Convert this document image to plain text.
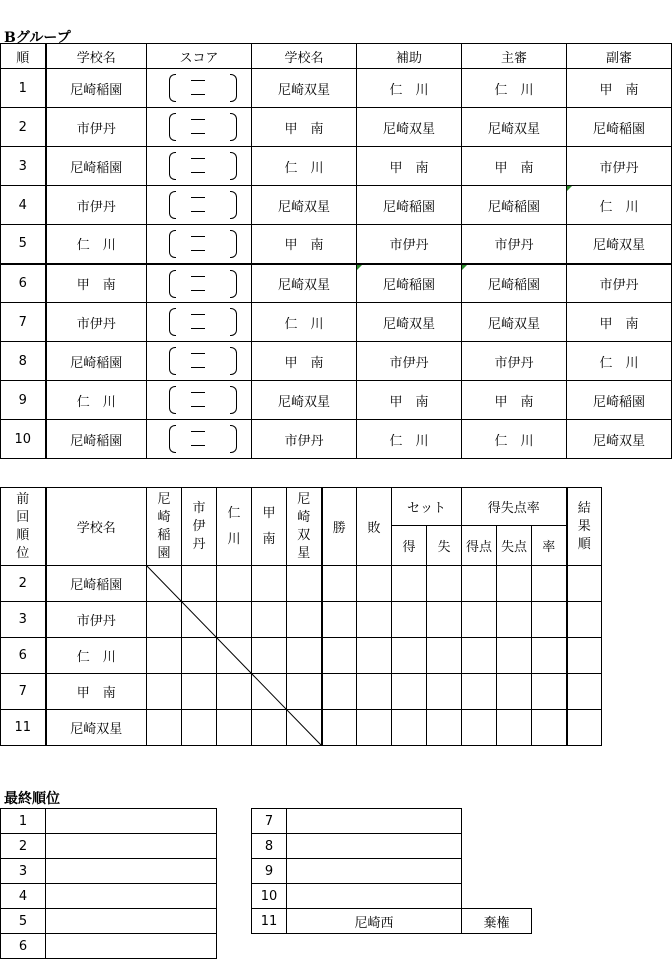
Bグループ
順	学校名	スコア	学校名	補助	主審	副審
1	尼崎稲園		尼崎双星	仁　川	仁　川	甲　南
2	市伊丹		甲　南	尼崎双星	尼崎双星	尼崎稲園
3	尼崎稲園		仁　川	甲　南	甲　南	市伊丹
4	市伊丹		尼崎双星	尼崎稲園	尼崎稲園	仁　川
5	仁　川		甲　南	市伊丹	市伊丹	尼崎双星
6	甲　南		尼崎双星	尼崎稲園	尼崎稲園	市伊丹
7	市伊丹		仁　川	尼崎双星	尼崎双星	甲　南
8	尼崎稲園		甲　南	市伊丹	市伊丹	仁　川
9	仁　川		尼崎双星	甲　南	甲　南	尼崎稲園
10	尼崎稲園		市伊丹	仁　川	仁　川	尼崎双星
前回順位	学校名	尼崎稲園	市伊丹	仁川	甲南	尼崎双星	勝	敗	セット		得失点率			結果順

									得	失	得点	失点	率	
2	尼崎稲園													
3	市伊丹													
6	仁　川													
7	甲　南													
11	尼崎双星													
最終順位
1	
2	
3	
4	
5	
6	
7		
8		
9		
10		
11	尼崎西	棄権
